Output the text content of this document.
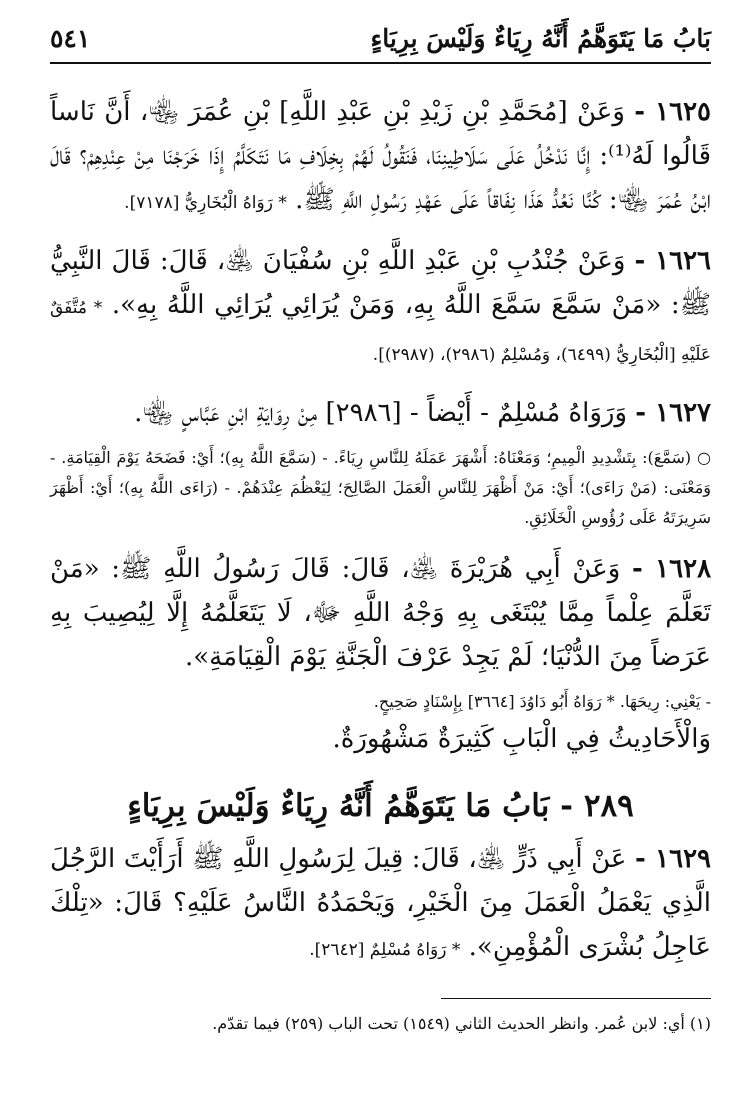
بَابُ مَا يَتَوَهَّمُ أَنَّهُ رِيَاءٌ وَلَيْسَ بِرِيَاءٍ
٥٤١

١٦٢٥ - وَعَنْ [مُحَمَّدِ بْنِ زَيْدِ بْنِ عَبْدِ اللَّهِ] بْنِ عُمَرَ ﵄، أَنَّ نَاساً قَالُوا لَهُ⁽¹⁾: إِنَّا نَدْخُلُ عَلَى سَلَاطِينِنَا، فَنَقُولُ لَهُمْ بِخِلَافِ مَا نَتَكَلَّمُ إِذَا خَرَجْنَا مِنْ عِنْدِهِمْ؟ قَالَ ابْنُ عُمَرَ ﵄: كُنَّا نَعُدُّ هَذَا نِفَاقاً عَلَى عَهْدِ رَسُولِ اللَّهِ ﷺ. * رَوَاهُ الْبُخَارِيُّ [٧١٧٨].

١٦٢٦ - وَعَنْ جُنْدُبِ بْنِ عَبْدِ اللَّهِ بْنِ سُفْيَانَ ﵁، قَالَ: قَالَ النَّبِيُّ ﷺ: «مَنْ سَمَّعَ سَمَّعَ اللَّهُ بِهِ، وَمَنْ يُرَائِي يُرَائِي اللَّهُ بِهِ». * مُتَّفَقٌ عَلَيْهِ [الْبُخَارِيُّ (٦٤٩٩)، وَمُسْلِمٌ (٢٩٨٦)، (٢٩٨٧)].

١٦٢٧ - وَرَوَاهُ مُسْلِمٌ - أَيْضاً - [٢٩٨٦] مِنْ رِوَايَةِ ابْنِ عَبَّاسٍ ﵄.

○ (سَمَّعَ): بِتَشْدِيدِ الْمِيمِ؛ وَمَعْنَاهُ: أَشْهَرَ عَمَلَهُ لِلنَّاسِ رِيَاءً. - (سَمَّعَ اللَّهُ بِهِ)؛ أَيْ: فَضَحَهُ يَوْمَ الْقِيَامَةِ. - وَمَعْنَى: (مَنْ رَاءَى)؛ أَيْ: مَنْ أَظْهَرَ لِلنَّاسِ الْعَمَلَ الصَّالِحَ؛ لِيَعْظُمَ عِنْدَهُمْ. - (رَاءَى اللَّهُ بِهِ)؛ أَيْ: أَظْهَرَ سَرِيرَتَهُ عَلَى رُؤُوسِ الْخَلَائِقِ.

١٦٢٨ - وَعَنْ أَبِي هُرَيْرَةَ ﵁، قَالَ: قَالَ رَسُولُ اللَّهِ ﷺ: «مَنْ تَعَلَّمَ عِلْماً مِمَّا يُبْتَغَى بِهِ وَجْهُ اللَّهِ ﷻ، لَا يَتَعَلَّمُهُ إِلَّا لِيُصِيبَ بِهِ عَرَضاً مِنَ الدُّنْيَا؛ لَمْ يَجِدْ عَرْفَ الْجَنَّةِ يَوْمَ الْقِيَامَةِ».

- يَعْنِي: رِيحَهَا. * رَوَاهُ أَبُو دَاوُدَ [٣٦٦٤] بِإِسْنَادٍ صَحِيحٍ.

وَالْأَحَادِيثُ فِي الْبَابِ كَثِيرَةٌ مَشْهُورَةٌ.

٢٨٩ - بَابُ مَا يَتَوَهَّمُ أَنَّهُ رِيَاءٌ وَلَيْسَ بِرِيَاءٍ

١٦٢٩ - عَنْ أَبِي ذَرٍّ ﵁، قَالَ: قِيلَ لِرَسُولِ اللَّهِ ﷺ أَرَأَيْتَ الرَّجُلَ الَّذِي يَعْمَلُ الْعَمَلَ مِنَ الْخَيْرِ، وَيَحْمَدُهُ النَّاسُ عَلَيْهِ؟ قَالَ: «تِلْكَ عَاجِلُ بُشْرَى الْمُؤْمِنِ». * رَوَاهُ مُسْلِمٌ [٢٦٤٢].

(١) أي: لابن عُمر. وانظر الحديث الثاني (١٥٤٩) تحت الباب (٢٥٩) فيما تقدّم.
